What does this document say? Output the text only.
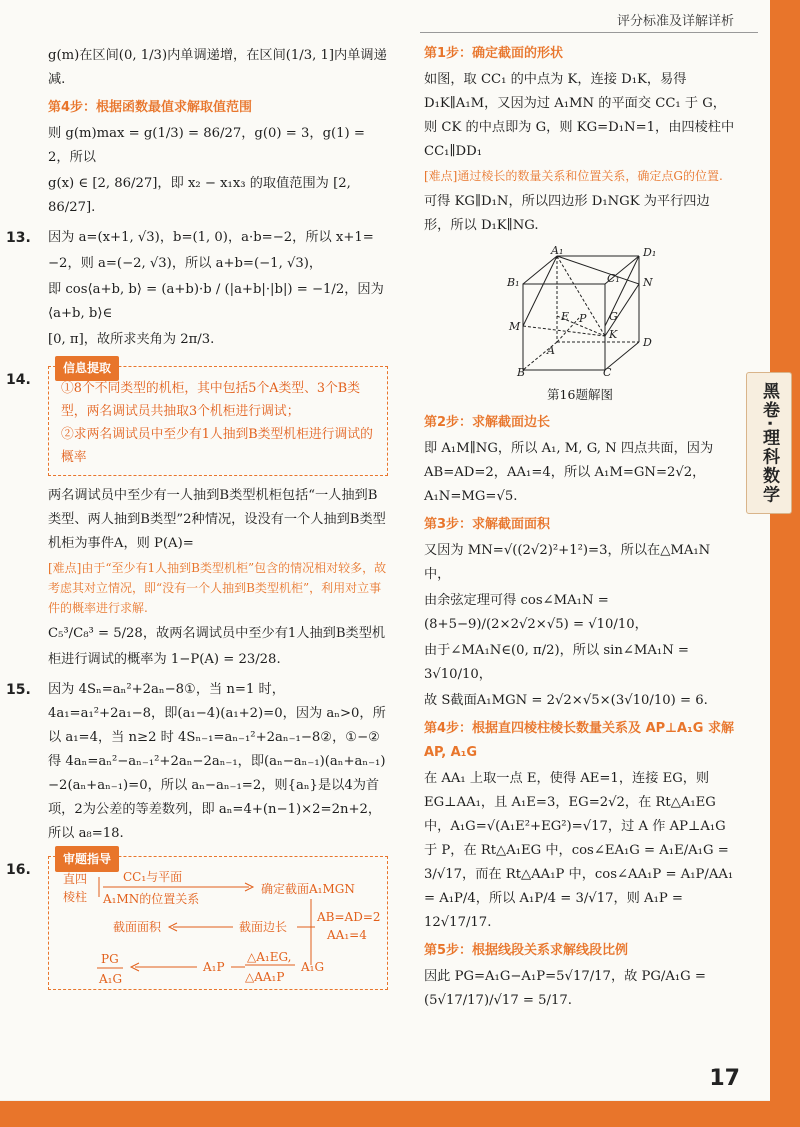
评分标准及详解详析
黑卷·理科数学
17

g(m)在区间(0, 1/3)内单调递增，在区间(1/3, 1]内单调递减.

第4步：根据函数最值求解取值范围

则 g(m)max = g(1/3) = 86/27，g(0) = 3，g(1) = 2，所以

g(x) ∈ [2, 86/27]，即 x₂ − x₁x₃ 的取值范围为 [2, 86/27].

13. 因为 a=(x+1, √3)，b=(1, 0)，a·b=−2，所以 x+1=

−2，则 a=(−2, √3)，所以 a+b=(−1, √3)，

即 cos⟨a+b, b⟩ = (a+b)·b / (|a+b|·|b|) = −1/2，因为⟨a+b, b⟩∈

[0, π]，故所求夹角为 2π/3.

14.
信息提取
①8个不同类型的机柜，其中包括5个A类型、3个B类型，两名调试员共抽取3个机柜进行调试；
②求两名调试员中至少有1人抽到B类型机柜进行调试的概率

两名调试员中至少有一人抽到B类型机柜包括“一人抽到B类型、两人抽到B类型”2种情况，设没有一个人抽到B类型机柜为事件A，则 P(A)=

[难点]由于“至少有1人抽到B类型机柜”包含的情况相对较多，故考虑其对立情况，即“没有一个人抽到B类型机柜”，利用对立事件的概率进行求解.

C₅³/C₈³ = 5/28，故两名调试员中至少有1人抽到B类型机

柜进行调试的概率为 1−P(A) = 23/28.

15. 因为 4Sₙ=aₙ²+2aₙ−8①，当 n=1 时，4a₁=a₁²+2a₁−8，即(a₁−4)(a₁+2)=0，因为 aₙ>0，所以 a₁=4，当 n≥2 时 4Sₙ₋₁=aₙ₋₁²+2aₙ₋₁−8②，①−②得 4aₙ=aₙ²−aₙ₋₁²+2aₙ−2aₙ₋₁，即(aₙ−aₙ₋₁)(aₙ+aₙ₋₁)−2(aₙ+aₙ₋₁)=0，所以 aₙ−aₙ₋₁=2，则{aₙ}是以4为首项，2为公差的等差数列，即 aₙ=4+(n−1)×2=2n+2，所以 a₈=18.

16.
审题指导
直四
棱柱
CC₁与平面
A₁MN的位置关系
确定截面A₁MGN
AB=AD=2
AA₁=4
截面边长
截面面积
△A₁EG,
△AA₁P
A₁G
A₁P
PG
A₁G
第1步：确定截面的形状

如图，取 CC₁ 的中点为 K，连接 D₁K，易得 D₁K∥A₁M，又因为过 A₁MN 的平面交 CC₁ 于 G，则 CK 的中点即为 G，则 KG=D₁N=1，由四棱柱中 CC₁∥DD₁

[难点]通过棱长的数量关系和位置关系，确定点G的位置.

可得 KG∥D₁N，所以四边形 D₁NGK 为平行四边形，所以 D₁K∥NG.

A₁	D₁
B₁	C₁ N
G
M
E P
K
A
D
B	C
第16题解图
第2步：求解截面边长

即 A₁M∥NG，所以 A₁, M, G, N 四点共面，因为 AB=AD=2，AA₁=4，所以 A₁M=GN=2√2，A₁N=MG=√5.

第3步：求解截面面积

又因为 MN=√((2√2)²+1²)=3，所以在△MA₁N中，

由余弦定理可得 cos∠MA₁N = (8+5−9)/(2×2√2×√5) = √10/10，

由于∠MA₁N∈(0, π/2)，所以 sin∠MA₁N = 3√10/10，

故 S截面A₁MGN = 2√2×√5×(3√10/10) = 6.

第4步：根据直四棱柱棱长数量关系及 AP⊥A₁G 求解 AP, A₁G

在 AA₁ 上取一点 E，使得 AE=1，连接 EG，则 EG⊥AA₁，且 A₁E=3，EG=2√2，在 Rt△A₁EG 中，A₁G=√(A₁E²+EG²)=√17，过 A 作 AP⊥A₁G 于 P，在 Rt△A₁EG 中，cos∠EA₁G = A₁E/A₁G = 3/√17，而在 Rt△AA₁P 中，cos∠AA₁P = A₁P/AA₁ = A₁P/4，所以 A₁P/4 = 3/√17，则 A₁P = 12√17/17.

第5步：根据线段关系求解线段比例

因此 PG=A₁G−A₁P=5√17/17，故 PG/A₁G = (5√17/17)/√17 = 5/17.
